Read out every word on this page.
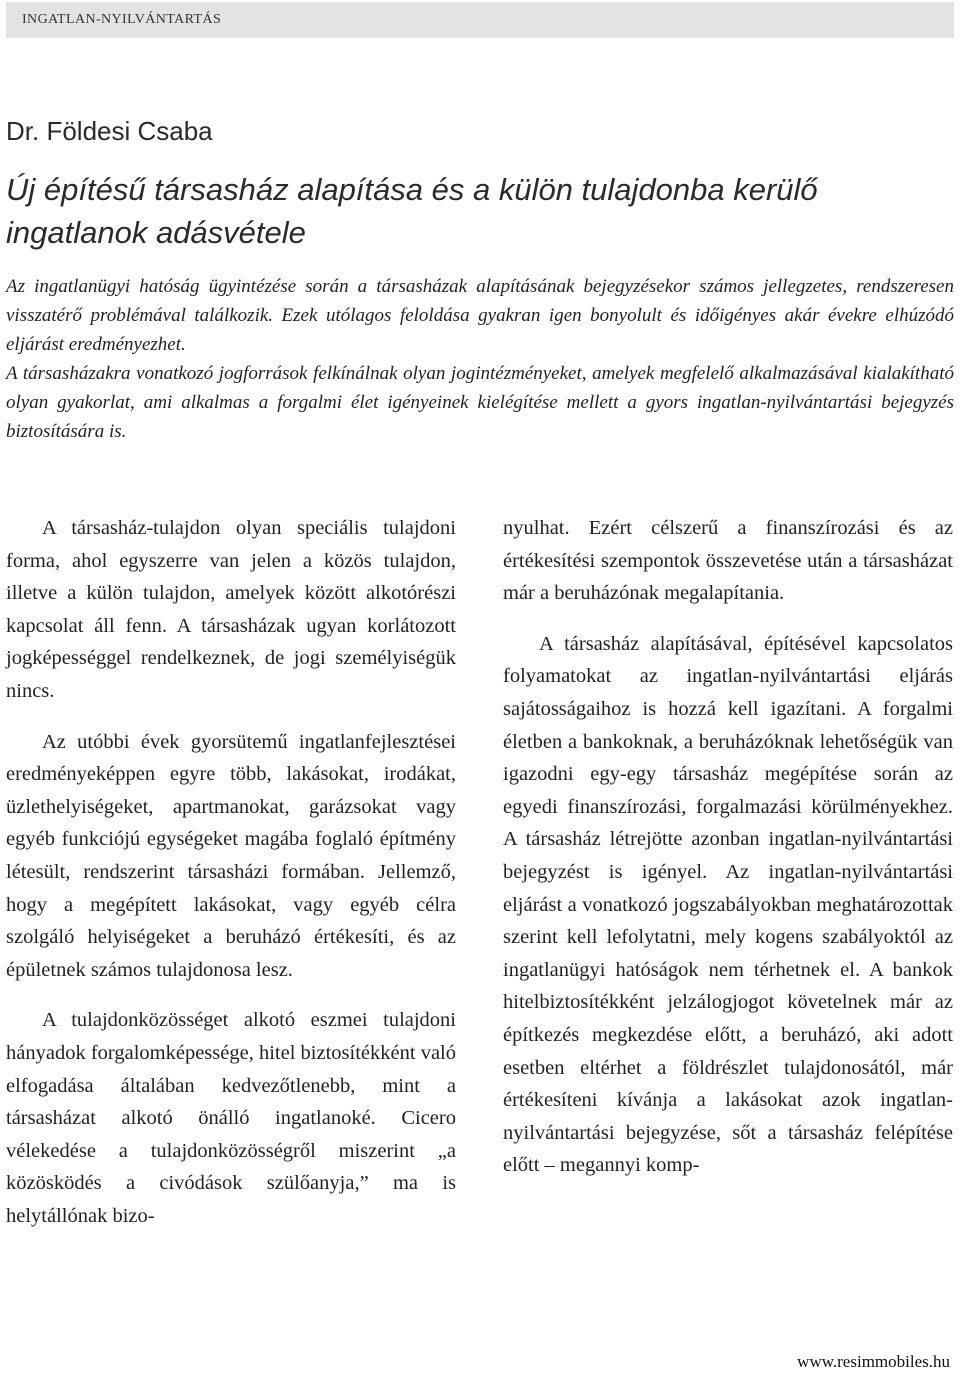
INGATLAN-NYILVÁNTARTÁS
Dr. Földesi Csaba
Új építésű társasház alapítása és a külön tulajdonba kerülő ingatlanok adásvétele

Az ingatlanügyi hatóság ügyintézése során a társasházak alapításának bejegyzésekor számos jellegzetes, rendszeresen visszatérő problémával találkozik. Ezek utólagos feloldása gyakran igen bonyolult és időigényes akár évekre elhúzódó eljárást eredményezhet.

A társasházakra vonatkozó jogforrások felkínálnak olyan jogintézményeket, amelyek megfelelő alkalmazásával kialakítható olyan gyakorlat, ami alkalmas a forgalmi élet igényeinek kielégítése mellett a gyors ingatlan-nyilvántartási bejegyzés biztosítására is.

A társasház-tulajdon olyan speciális tulajdoni forma, ahol egyszerre van jelen a közös tulajdon, illetve a külön tulajdon, amelyek között alkotórészi kapcsolat áll fenn. A társasházak ugyan korlátozott jogképességgel rendelkeznek, de jogi személyiségük nincs.

Az utóbbi évek gyorsütemű ingatlanfejlesztései eredményeképpen egyre több, lakásokat, irodákat, üzlethelyiségeket, apartmanokat, garázsokat vagy egyéb funkciójú egységeket magába foglaló építmény létesült, rendszerint társasházi formában. Jellemző, hogy a megépített lakásokat, vagy egyéb célra szolgáló helyiségeket a beruházó értékesíti, és az épületnek számos tulajdonosa lesz.

A tulajdonközösséget alkotó eszmei tulajdoni hányadok forgalomképessége, hitel biztosítékként való elfogadása általában kedvezőtlenebb, mint a társasházat alkotó önálló ingatlanoké. Cicero vélekedése a tulajdonközösségről miszerint „a közösködés a civódások szülőanyja,” ma is helytállónak bizo-

nyulhat. Ezért célszerű a finanszírozási és az értékesítési szempontok összevetése után a társasházat már a beruházónak megalapítania.

A társasház alapításával, építésével kapcsolatos folyamatokat az ingatlan-nyilvántartási eljárás sajátosságaihoz is hozzá kell igazítani. A forgalmi életben a bankoknak, a beruházóknak lehetőségük van igazodni egy-egy társasház megépítése során az egyedi finanszírozási, forgalmazási körülményekhez. A társasház létrejötte azonban ingatlan-nyilvántartási bejegyzést is igényel. Az ingatlan-nyilvántartási eljárást a vonatkozó jogszabályokban meghatározottak szerint kell lefolytatni, mely kogens szabályoktól az ingatlanügyi hatóságok nem térhetnek el. A bankok hitelbiztosítékként jelzálogjogot követelnek már az építkezés megkezdése előtt, a beruházó, aki adott esetben eltérhet a földrészlet tulajdonosától, már értékesíteni kívánja a lakásokat azok ingatlan-nyilvántartási bejegyzése, sőt a társasház felépítése előtt – megannyi komp-

www.resimmobiles.hu
